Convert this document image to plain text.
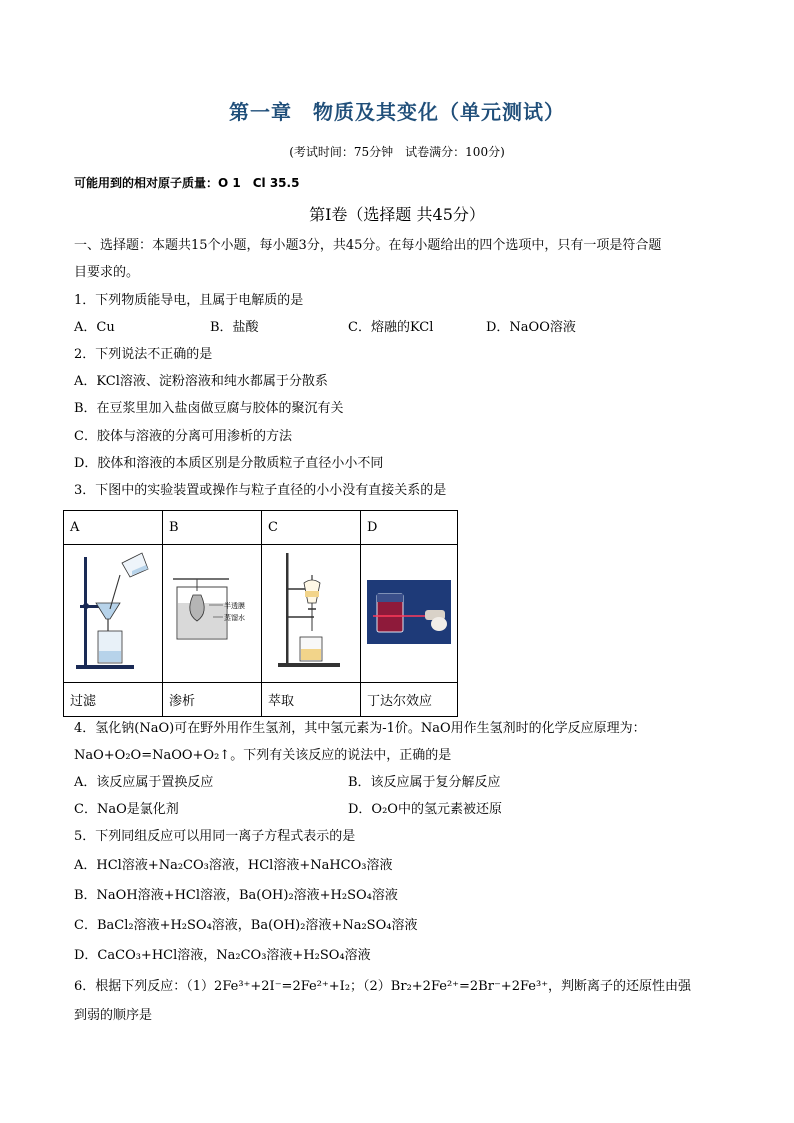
第一章　物质及其变化（单元测试）
(考试时间：75分钟　试卷满分：100分)
可能用到的相对原子质量：O 1　Cl 35.5
第Ⅰ卷（选择题 共45分）
一、选择题：本题共15个小题，每小题3分，共45分。在每小题给出的四个选项中，只有一项是符合题
目要求的。
1．下列物质能导电，且属于电解质的是
A．Cu	B．盐酸	C．熔融的KCl	D．NaOO溶液
2．下列说法不正确的是
A．KCl溶液、淀粉溶液和纯水都属于分散系
B．在豆浆里加入盐卤做豆腐与胶体的聚沉有关
C．胶体与溶液的分离可用渗析的方法
D．胶体和溶液的本质区别是分散质粒子直径小小不同
3．下图中的实验装置或操作与粒子直径的小小没有直接关系的是
A	B	C	D

半透膜
蒸馏水

过滤	渗析	萃取	丁达尔效应
4．氢化钠(NaO)可在野外用作生氢剂，其中氢元素为-1价。NaO用作生氢剂时的化学反应原理为：
NaO+O₂O=NaOO+O₂↑。下列有关该反应的说法中，正确的是
A．该反应属于置换反应	B．该反应属于复分解反应
C．NaO是氯化剂	D．O₂O中的氢元素被还原
5．下列同组反应可以用同一离子方程式表示的是
A．HCl溶液+Na₂CO₃溶液，HCl溶液+NaHCO₃溶液
B．NaOH溶液+HCl溶液，Ba(OH)₂溶液+H₂SO₄溶液
C．BaCl₂溶液+H₂SO₄溶液，Ba(OH)₂溶液+Na₂SO₄溶液
D．CaCO₃+HCl溶液，Na₂CO₃溶液+H₂SO₄溶液
6．根据下列反应：（1）2Fe³⁺+2I⁻=2Fe²⁺+I₂；（2）Br₂+2Fe²⁺=2Br⁻+2Fe³⁺，判断离子的还原性由强
到弱的顺序是
